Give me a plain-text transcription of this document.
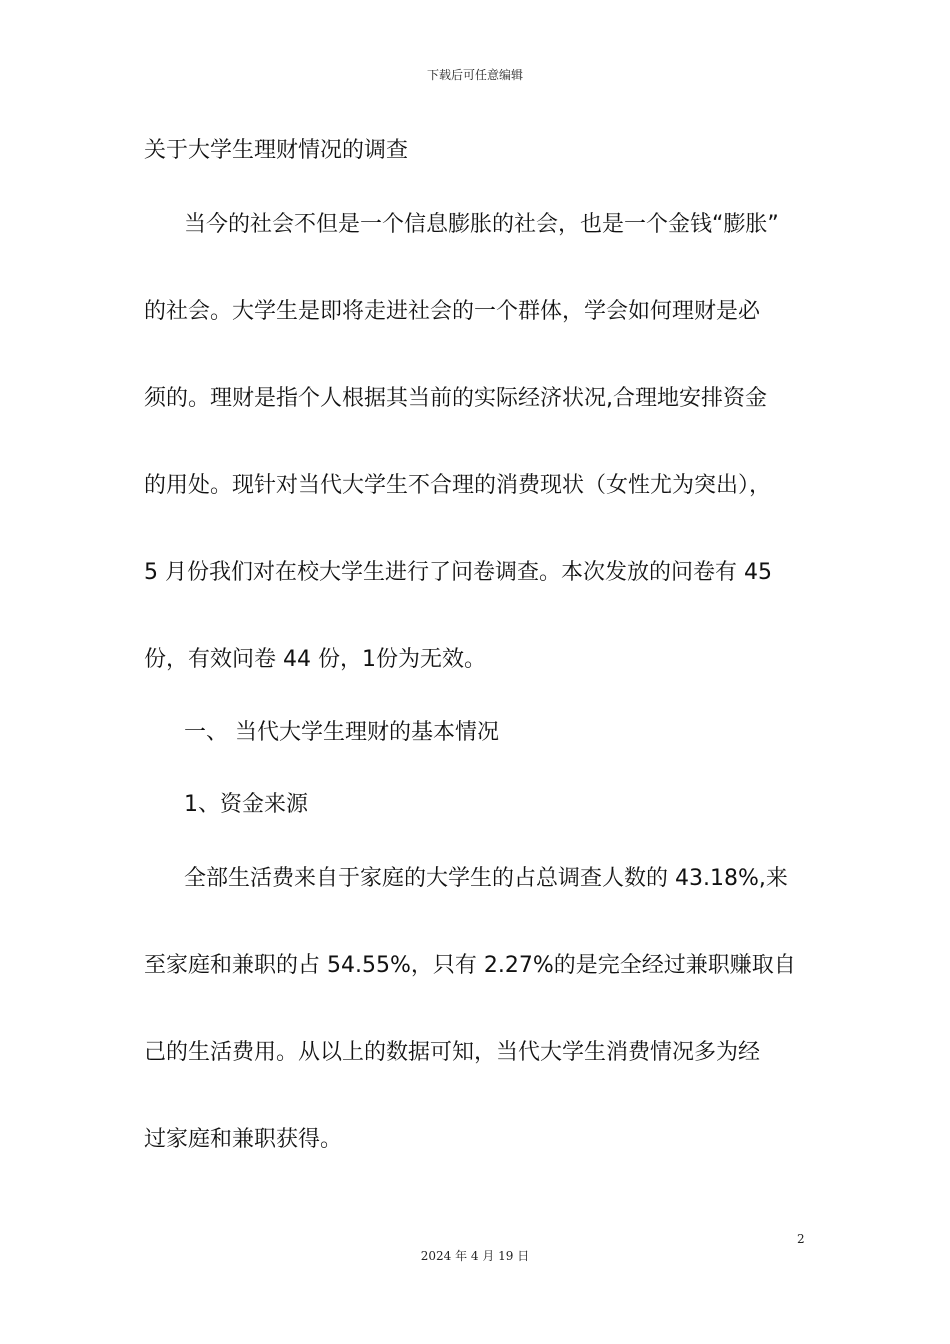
下载后可任意编辑
关于大学生理财情况的调查
当今的社会不但是一个信息膨胀的社会，也是一个金钱“膨胀”
的社会。大学生是即将走进社会的一个群体，学会如何理财是必
须的。理财是指个人根据其当前的实际经济状况,合理地安排资金
的用处。现针对当代大学生不合理的消费现状（女性尤为突出），
5 月份我们对在校大学生进行了问卷调查。本次发放的问卷有 45
份，有效问卷 44 份，1份为无效。
一、 当代大学生理财的基本情况
1、资金来源
全部生活费来自于家庭的大学生的占总调查人数的 43.18%,来
至家庭和兼职的占 54.55%，只有 2.27%的是完全经过兼职赚取自
己的生活费用。从以上的数据可知，当代大学生消费情况多为经
过家庭和兼职获得。
2
2024 年 4 月 19 日
